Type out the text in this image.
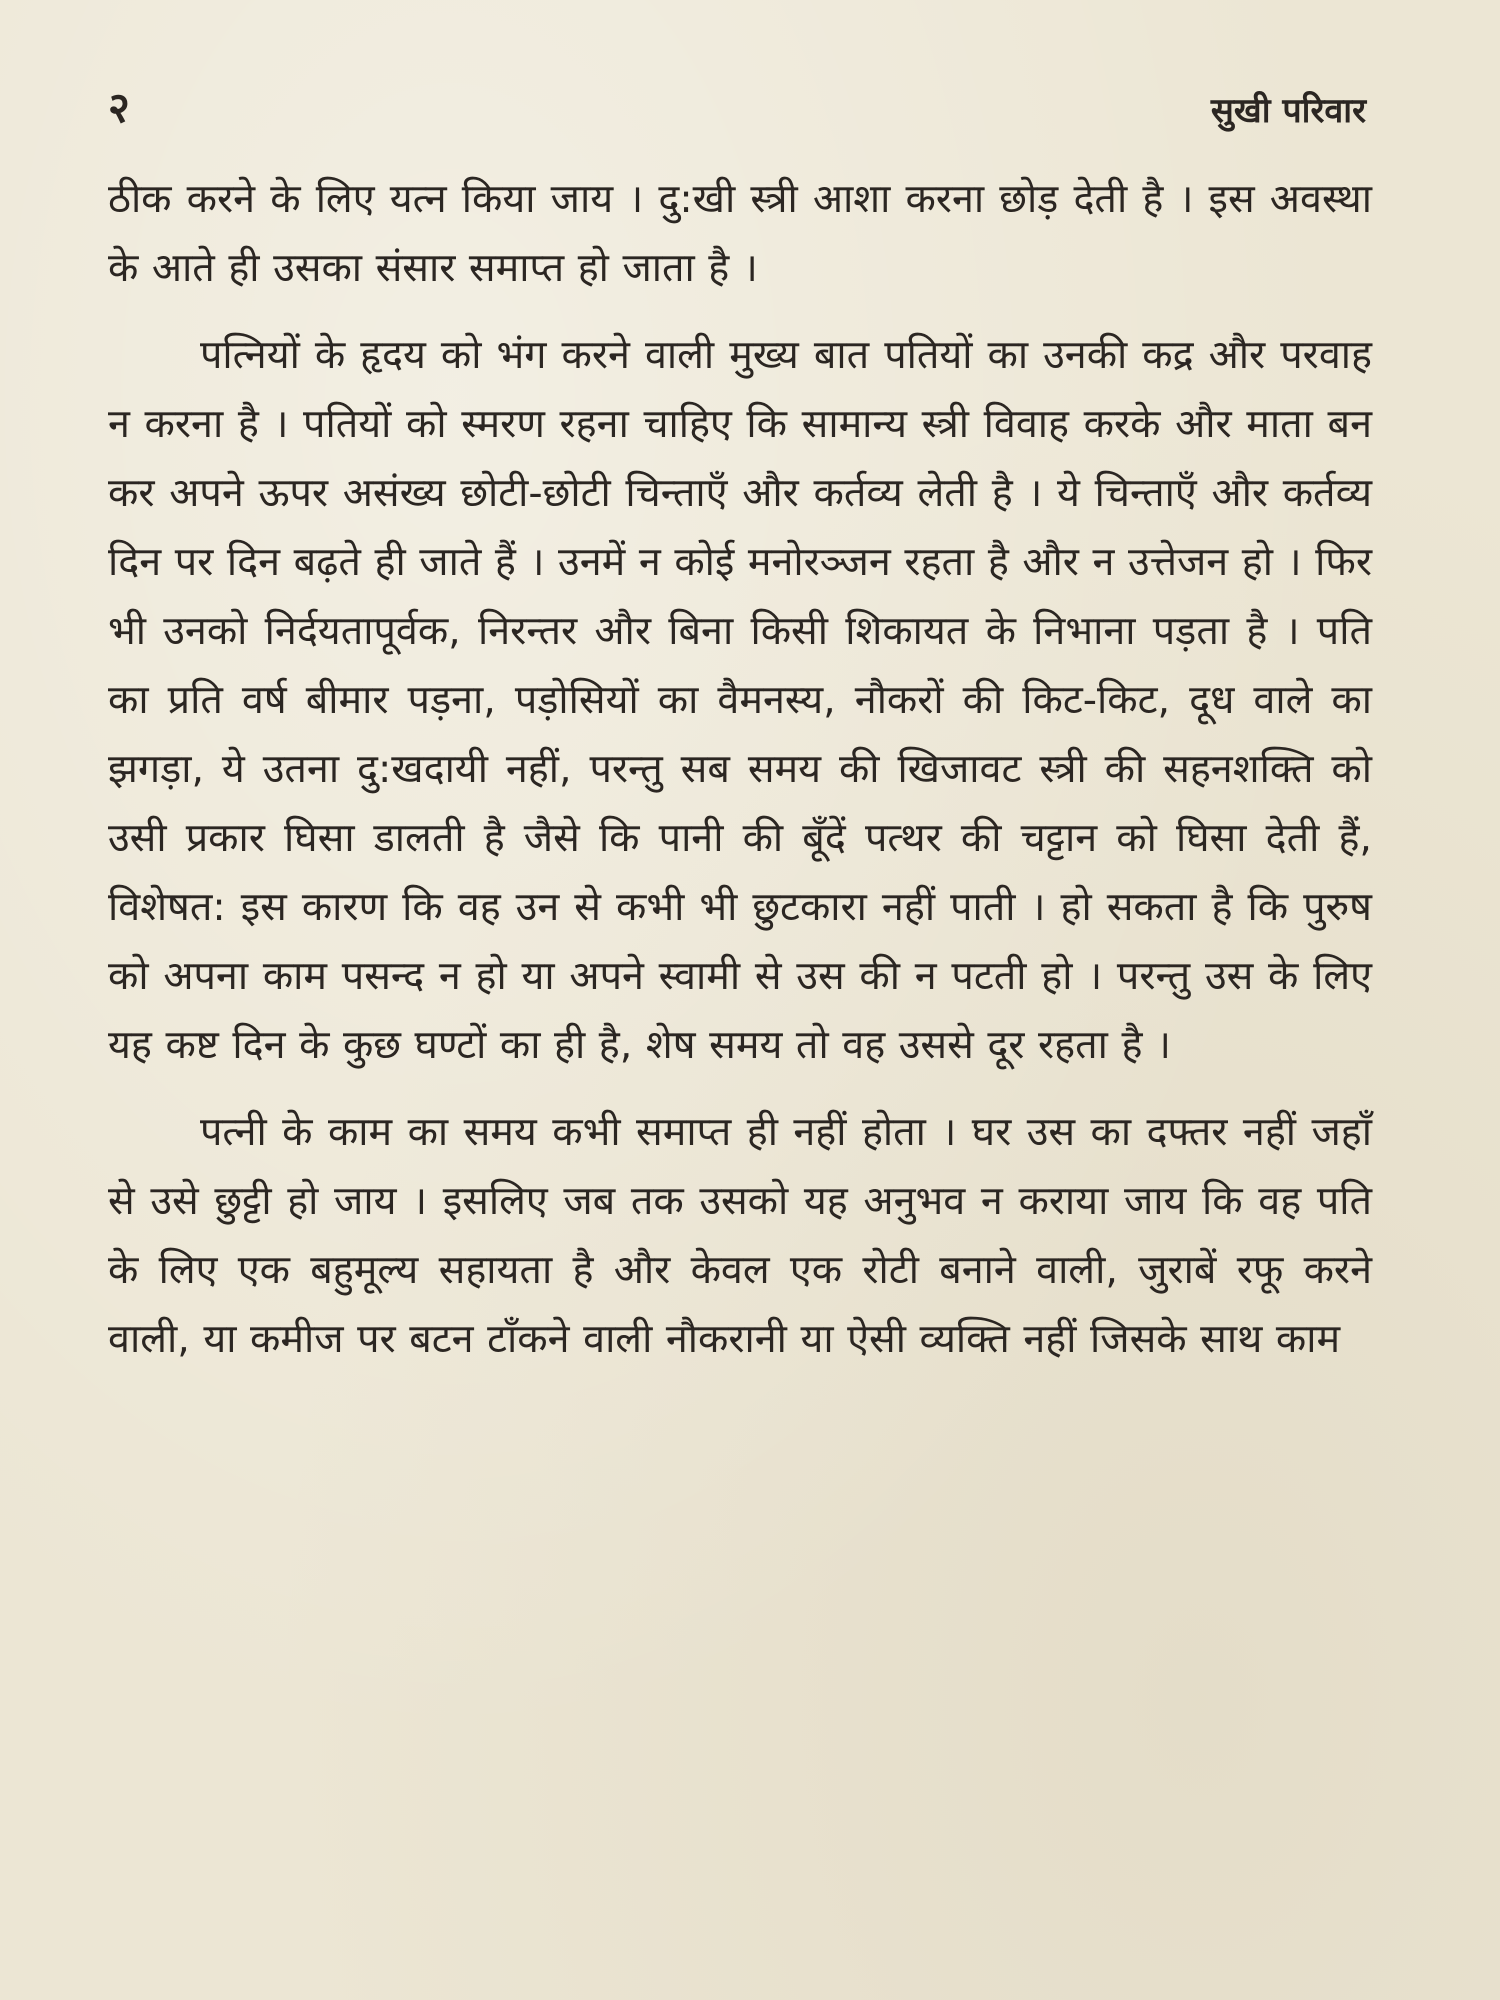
२	सुखी परिवार

ठीक करने के लिए यत्न किया जाय । दु:खी स्त्री आशा करना छोड़ देती है । इस अवस्था के आते ही उसका संसार समाप्त हो जाता है ।

पत्नियों के हृदय को भंग करने वाली मुख्य बात पतियों का उनकी कद्र और परवाह न करना है । पतियों को स्मरण रहना चाहिए कि सामान्य स्त्री विवाह करके और माता बन कर अपने ऊपर असंख्य छोटी-छोटी चिन्ताएँ और कर्तव्य लेती है । ये चिन्ताएँ और कर्तव्य दिन पर दिन बढ़ते ही जाते हैं । उनमें न कोई मनोरञ्जन रहता है और न उत्तेजन हो । फिर भी उनको निर्दयतापूर्वक, निरन्तर और बिना किसी शिकायत के निभाना पड़ता है । पति का प्रति वर्ष बीमार पड़ना, पड़ोसियों का वैमनस्य, नौकरों की किट-किट, दूध वाले का झगड़ा, ये उतना दु:खदायी नहीं, परन्तु सब समय की खिजावट स्त्री की सहनशक्ति को उसी प्रकार घिसा डालती है जैसे कि पानी की बूँदें पत्थर की चट्टान को घिसा देती हैं, विशेषत: इस कारण कि वह उन से कभी भी छुटकारा नहीं पाती । हो सकता है कि पुरुष को अपना काम पसन्द न हो या अपने स्वामी से उस की न पटती हो । परन्तु उस के लिए यह कष्ट दिन के कुछ घण्टों का ही है, शेष समय तो वह उससे दूर रहता है ।

पत्नी के काम का समय कभी समाप्त ही नहीं होता । घर उस का दफ्तर नहीं जहाँ से उसे छुट्टी हो जाय । इसलिए जब तक उसको यह अनुभव न कराया जाय कि वह पति के लिए एक बहुमूल्य सहायता है और केवल एक रोटी बनाने वाली, जुराबें रफू करने वाली, या कमीज पर बटन टाँकने वाली नौकरानी या ऐसी व्यक्ति नहीं जिसके साथ काम
